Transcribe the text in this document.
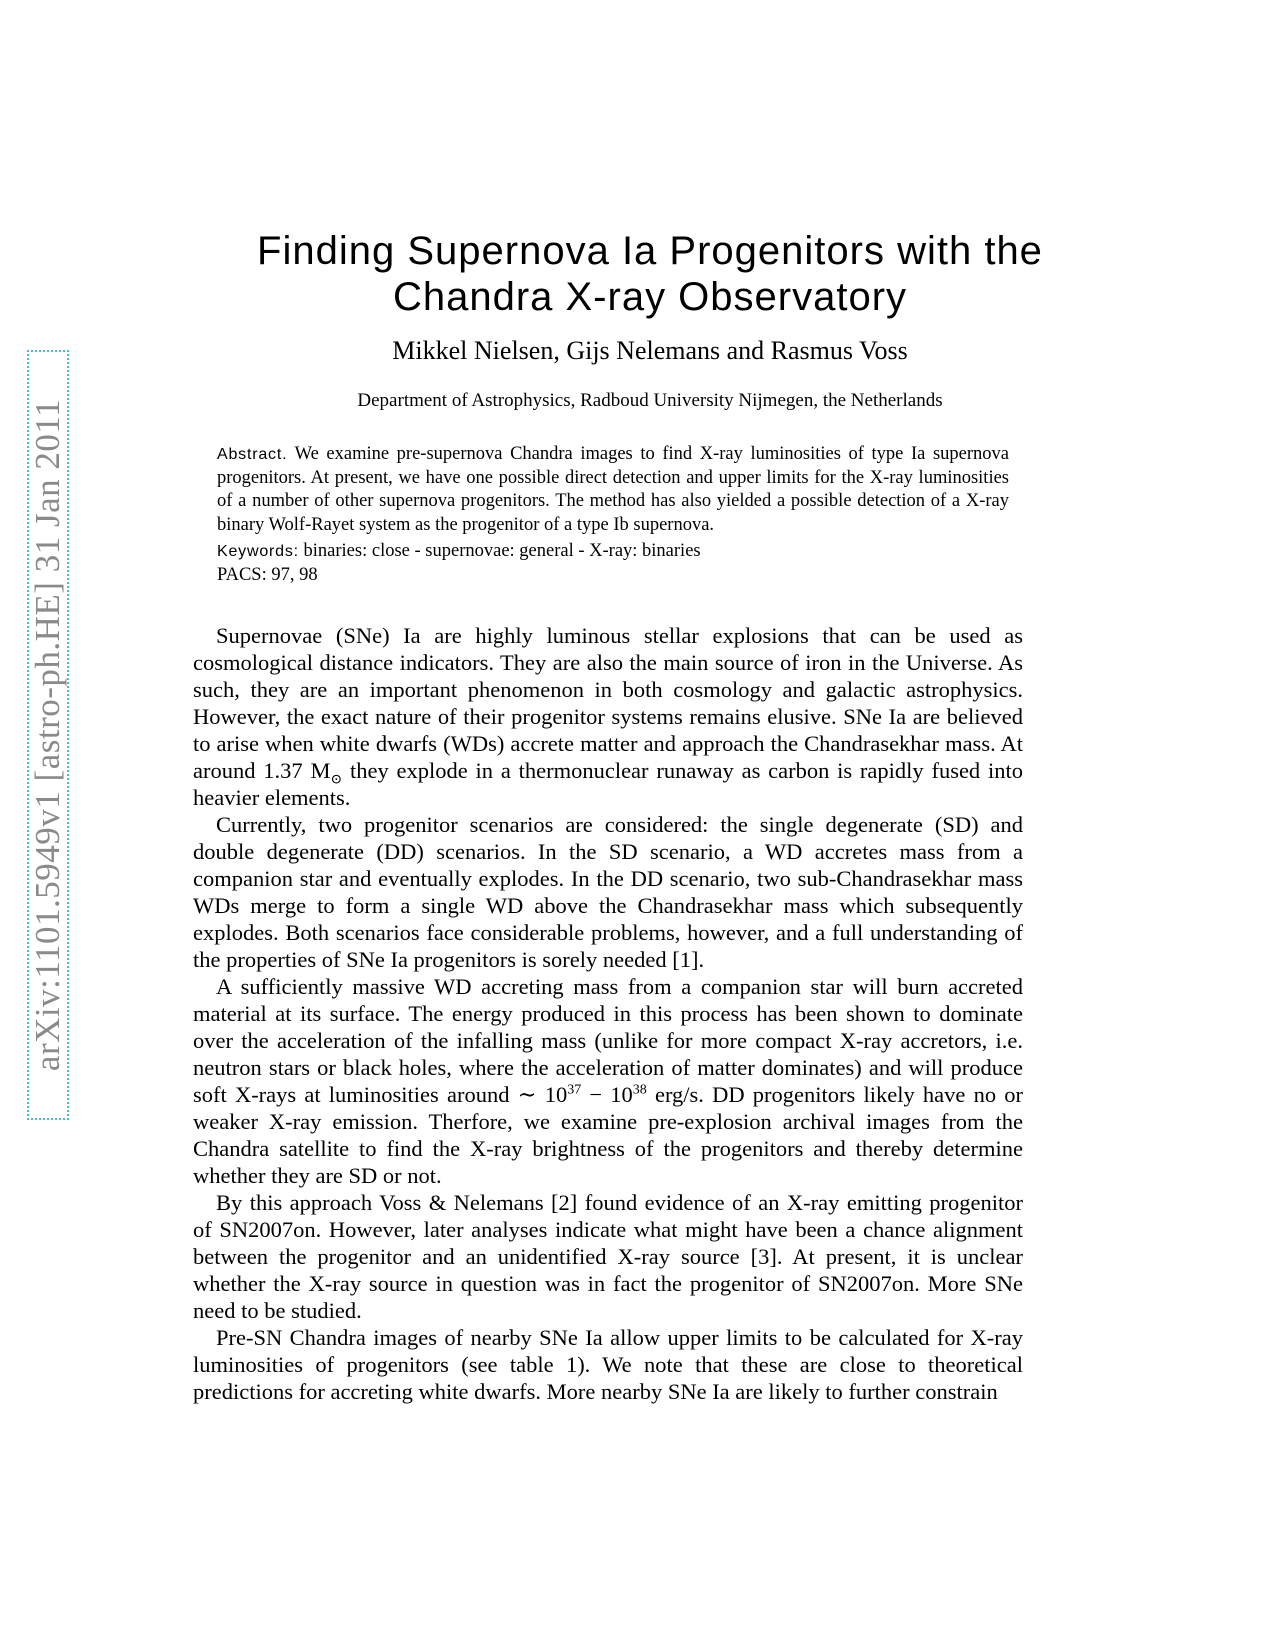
arXiv:1101.5949v1 [astro-ph.HE] 31 Jan 2011
Finding Supernova Ia Progenitors with the
Chandra X-ray Observatory
Mikkel Nielsen, Gijs Nelemans and Rasmus Voss
Department of Astrophysics, Radboud University Nijmegen, the Netherlands
Abstract. We examine pre-supernova Chandra images to find X-ray luminosities of type Ia supernova progenitors. At present, we have one possible direct detection and upper limits for the X-ray luminosities of a number of other supernova progenitors. The method has also yielded a possible detection of a X-ray binary Wolf-Rayet system as the progenitor of a type Ib supernova.
Keywords: binaries: close - supernovae: general - X-ray: binaries
PACS: 97, 98

Supernovae (SNe) Ia are highly luminous stellar explosions that can be used as cosmological distance indicators. They are also the main source of iron in the Universe. As such, they are an important phenomenon in both cosmology and galactic astrophysics. However, the exact nature of their progenitor systems remains elusive. SNe Ia are believed to arise when white dwarfs (WDs) accrete matter and approach the Chandrasekhar mass. At around 1.37 $M_⊙$ they explode in a thermonuclear runaway as carbon is rapidly fused into heavier elements.

Currently, two progenitor scenarios are considered: the single degenerate (SD) and double degenerate (DD) scenarios. In the SD scenario, a WD accretes mass from a companion star and eventually explodes. In the DD scenario, two sub-Chandrasekhar mass WDs merge to form a single WD above the Chandrasekhar mass which subsequently explodes. Both scenarios face considerable problems, however, and a full understanding of the properties of SNe Ia progenitors is sorely needed [1].

A sufficiently massive WD accreting mass from a companion star will burn accreted material at its surface. The energy produced in this process has been shown to dominate over the acceleration of the infalling mass (unlike for more compact X-ray accretors, i.e. neutron stars or black holes, where the acceleration of matter dominates) and will produce soft X-rays at luminosities around ∼ $10^{37} - 10^{38}$ erg/s. DD progenitors likely have no or weaker X-ray emission. Therfore, we examine pre-explosion archival images from the Chandra satellite to find the X-ray brightness of the progenitors and thereby determine whether they are SD or not.

By this approach Voss & Nelemans [2] found evidence of an X-ray emitting progenitor of SN2007on. However, later analyses indicate what might have been a chance alignment between the progenitor and an unidentified X-ray source [3]. At present, it is unclear whether the X-ray source in question was in fact the progenitor of SN2007on. More SNe need to be studied.

Pre-SN Chandra images of nearby SNe Ia allow upper limits to be calculated for X-ray luminosities of progenitors (see table 1). We note that these are close to theoretical predictions for accreting white dwarfs. More nearby SNe Ia are likely to further constrain
